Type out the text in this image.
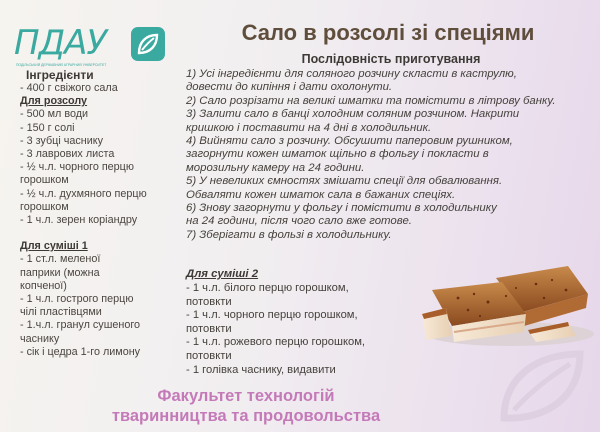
ПДАУ
ПОДІЛЬСЬКИЙ ДЕРЖАВНИЙ АГРАРНИЙ УНІВЕРСИТЕТ
Сало в розсолі зі спеціями
Послідовність приготування
Інгредієнти
- 400 г свіжого сала
Для розсолу
- 500 мл води
- 150 г солі
- 3 зубці часнику
- 3 лаврових листа
- ½ ч.л. чорного перцю
горошком
- ½ ч.л. духмяного перцю
горошком
- 1 ч.л. зерен коріандру
Для суміші 1
- 1 ст.л. меленої
паприки (можна
копченої)
- 1 ч.л. гострого перцю
чілі пластівцями
- 1.ч.л. гранул сушеного
часнику
- сік і цедра 1-го лимону

1) Усі інгредієнти для соляного розчину скласти в каструлю,

довести до кипіння і дати охолонути.

2) Сало розрізати на великі шматки та помістити в літрову банку.

3) Залити сало в банці холодним соляним розчином. Накрити

кришкою і поставити на 4 дні в холодильник.

4) Вийняти сало з розчину. Обсушити паперовим рушником,

загорнути кожен шматок щільно в фольгу і покласти в

морозильну камеру на 24 години.

5) У невеликих ємностях змішати спеції для обвалювання.

Обваляти кожен шматок сала в бажаних спеціях.

6) Знову загорнути у фольгу і помістити в холодильнику

на 24 години, після чого сало вже готове.

7) Зберігати в фользі в холодильнику.

Для суміші 2

- 1 ч.л. білого перцю горошком,

потовкти

- 1 ч.л. чорного перцю горошком,

потовкти

- 1 ч.л. рожевого перцю горошком,

потовкти

- 1 голівка часнику, видавити

Факультет технологій
тваринництва та продовольства
